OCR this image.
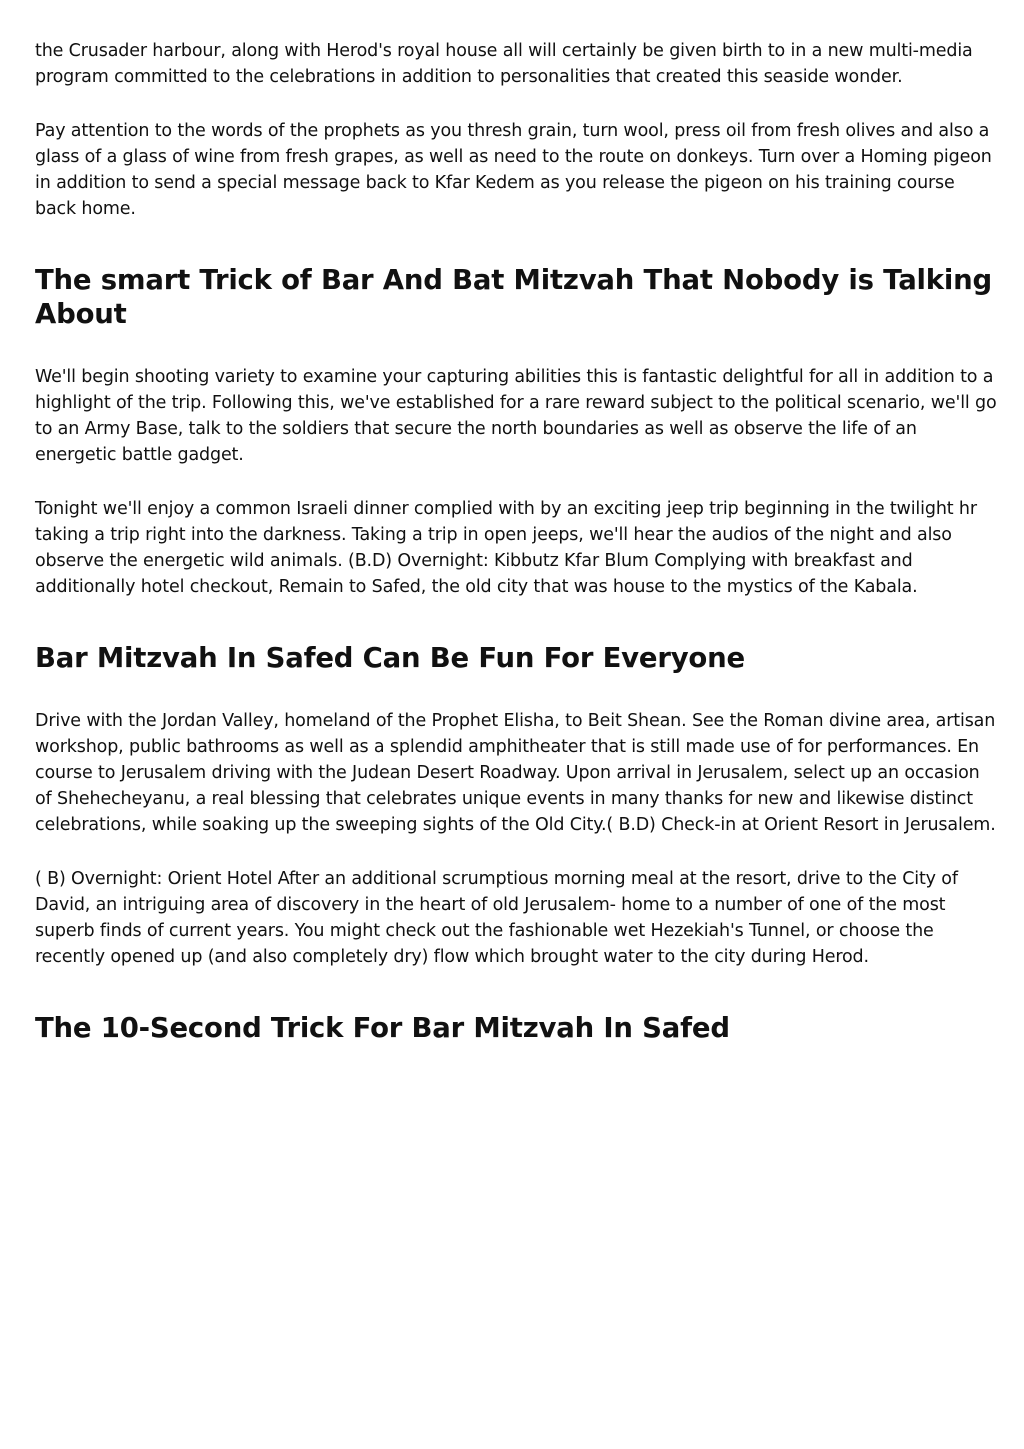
the Crusader harbour, along with Herod's royal house all will certainly be given birth to in a new multi-media program committed to the celebrations in addition to personalities that created this seaside wonder.

Pay attention to the words of the prophets as you thresh grain, turn wool, press oil from fresh olives and also a glass of a glass of wine from fresh grapes, as well as need to the route on donkeys. Turn over a Homing pigeon in addition to send a special message back to Kfar Kedem as you release the pigeon on his training course back home.

The smart Trick of Bar And Bat Mitzvah That Nobody is Talking About

We'll begin shooting variety to examine your capturing abilities this is fantastic delightful for all in addition to a highlight of the trip. Following this, we've established for a rare reward subject to the political scenario, we'll go to an Army Base, talk to the soldiers that secure the north boundaries as well as observe the life of an energetic battle gadget.

Tonight we'll enjoy a common Israeli dinner complied with by an exciting jeep trip beginning in the twilight hr taking a trip right into the darkness. Taking a trip in open jeeps, we'll hear the audios of the night and also observe the energetic wild animals. (B.D) Overnight: Kibbutz Kfar Blum Complying with breakfast and additionally hotel checkout, Remain to Safed, the old city that was house to the mystics of the Kabala.

Bar Mitzvah In Safed Can Be Fun For Everyone

Drive with the Jordan Valley, homeland of the Prophet Elisha, to Beit Shean. See the Roman divine area, artisan workshop, public bathrooms as well as a splendid amphitheater that is still made use of for performances. En course to Jerusalem driving with the Judean Desert Roadway. Upon arrival in Jerusalem, select up an occasion of Shehecheyanu, a real blessing that celebrates unique events in many thanks for new and likewise distinct celebrations, while soaking up the sweeping sights of the Old City.( B.D) Check-in at Orient Resort in Jerusalem.

( B) Overnight: Orient Hotel After an additional scrumptious morning meal at the resort, drive to the City of David, an intriguing area of discovery in the heart of old Jerusalem- home to a number of one of the most superb finds of current years. You might check out the fashionable wet Hezekiah's Tunnel, or choose the recently opened up (and also completely dry) flow which brought water to the city during Herod.

The 10-Second Trick For Bar Mitzvah In Safed
